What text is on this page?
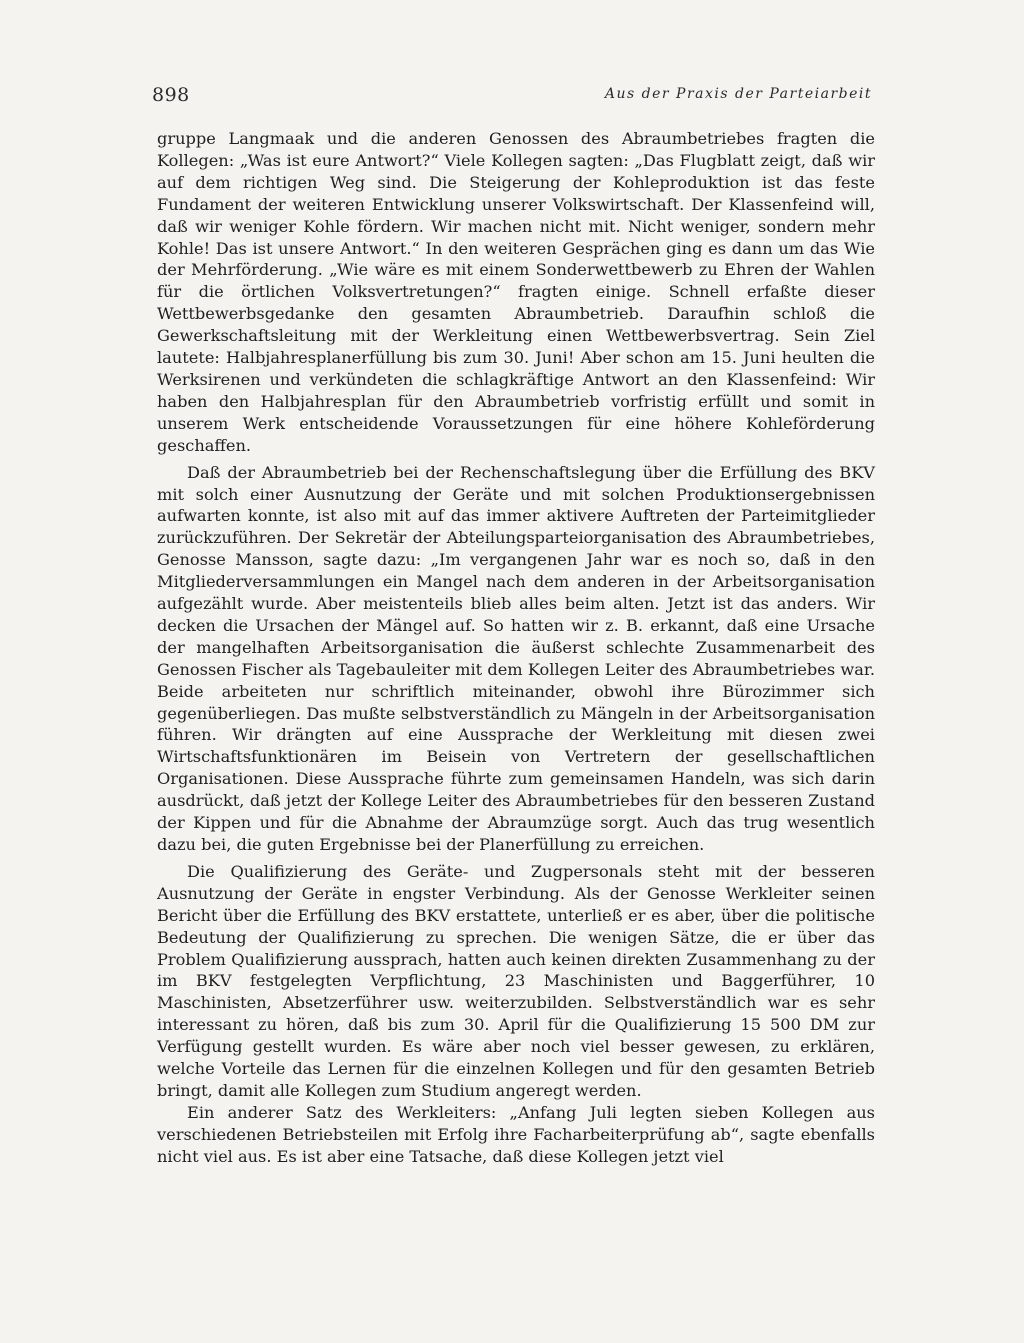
898	Aus der Praxis der Parteiarbeit

gruppe Langmaak und die anderen Genossen des Abraumbetriebes fragten die Kollegen: „Was ist eure Antwort?“ Viele Kollegen sagten: „Das Flugblatt zeigt, daß wir auf dem richtigen Weg sind. Die Steigerung der Kohleproduktion ist das feste Fundament der weiteren Entwicklung unserer Volkswirtschaft. Der Klassenfeind will, daß wir weniger Kohle fördern. Wir machen nicht mit. Nicht weniger, sondern mehr Kohle! Das ist unsere Antwort.“ In den weiteren Gesprächen ging es dann um das Wie der Mehrförderung. „Wie wäre es mit einem Sonderwettbewerb zu Ehren der Wahlen für die örtlichen Volksvertretungen?“ fragten einige. Schnell erfaßte dieser Wettbewerbsgedanke den gesamten Abraumbetrieb. Daraufhin schloß die Gewerkschaftsleitung mit der Werkleitung einen Wettbewerbsvertrag. Sein Ziel lautete: Halbjahresplanerfüllung bis zum 30. Juni! Aber schon am 15. Juni heulten die Werksirenen und verkündeten die schlagkräftige Antwort an den Klassenfeind: Wir haben den Halbjahresplan für den Abraumbetrieb vorfristig erfüllt und somit in unserem Werk entscheidende Voraussetzungen für eine höhere Kohleförderung geschaffen.

Daß der Abraumbetrieb bei der Rechenschaftslegung über die Erfüllung des BKV mit solch einer Ausnutzung der Geräte und mit solchen Produktionsergebnissen aufwarten konnte, ist also mit auf das immer aktivere Auftreten der Parteimitglieder zurückzuführen. Der Sekretär der Abteilungsparteiorganisation des Abraumbetriebes, Genosse Mansson, sagte dazu: „Im vergangenen Jahr war es noch so, daß in den Mitgliederversammlungen ein Mangel nach dem anderen in der Arbeitsorganisation aufgezählt wurde. Aber meistenteils blieb alles beim alten. Jetzt ist das anders. Wir decken die Ursachen der Mängel auf. So hatten wir z. B. erkannt, daß eine Ursache der mangelhaften Arbeitsorganisation die äußerst schlechte Zusammenarbeit des Genossen Fischer als Tagebauleiter mit dem Kollegen Leiter des Abraumbetriebes war. Beide arbeiteten nur schriftlich miteinander, obwohl ihre Bürozimmer sich gegenüberliegen. Das mußte selbstverständlich zu Mängeln in der Arbeitsorganisation führen. Wir drängten auf eine Aussprache der Werkleitung mit diesen zwei Wirtschaftsfunktionären im Beisein von Vertretern der gesellschaftlichen Organisationen. Diese Aussprache führte zum gemeinsamen Handeln, was sich darin ausdrückt, daß jetzt der Kollege Leiter des Abraumbetriebes für den besseren Zustand der Kippen und für die Abnahme der Abraumzüge sorgt. Auch das trug wesentlich dazu bei, die guten Ergebnisse bei der Planerfüllung zu erreichen.

Die Qualifizierung des Geräte- und Zugpersonals steht mit der besseren Ausnutzung der Geräte in engster Verbindung. Als der Genosse Werkleiter seinen Bericht über die Erfüllung des BKV erstattete, unterließ er es aber, über die politische Bedeutung der Qualifizierung zu sprechen. Die wenigen Sätze, die er über das Problem Qualifizierung aussprach, hatten auch keinen direkten Zusammenhang zu der im BKV festgelegten Verpflichtung, 23 Maschinisten und Baggerführer, 10 Maschinisten, Absetzerführer usw. weiterzubilden. Selbstverständlich war es sehr interessant zu hören, daß bis zum 30. April für die Qualifizierung 15 500 DM zur Verfügung gestellt wurden. Es wäre aber noch viel besser gewesen, zu erklären, welche Vorteile das Lernen für die einzelnen Kollegen und für den gesamten Betrieb bringt, damit alle Kollegen zum Studium angeregt werden.

Ein anderer Satz des Werkleiters: „Anfang Juli legten sieben Kollegen aus verschiedenen Betriebsteilen mit Erfolg ihre Facharbeiterprüfung ab“, sagte ebenfalls nicht viel aus. Es ist aber eine Tatsache, daß diese Kollegen jetzt viel
